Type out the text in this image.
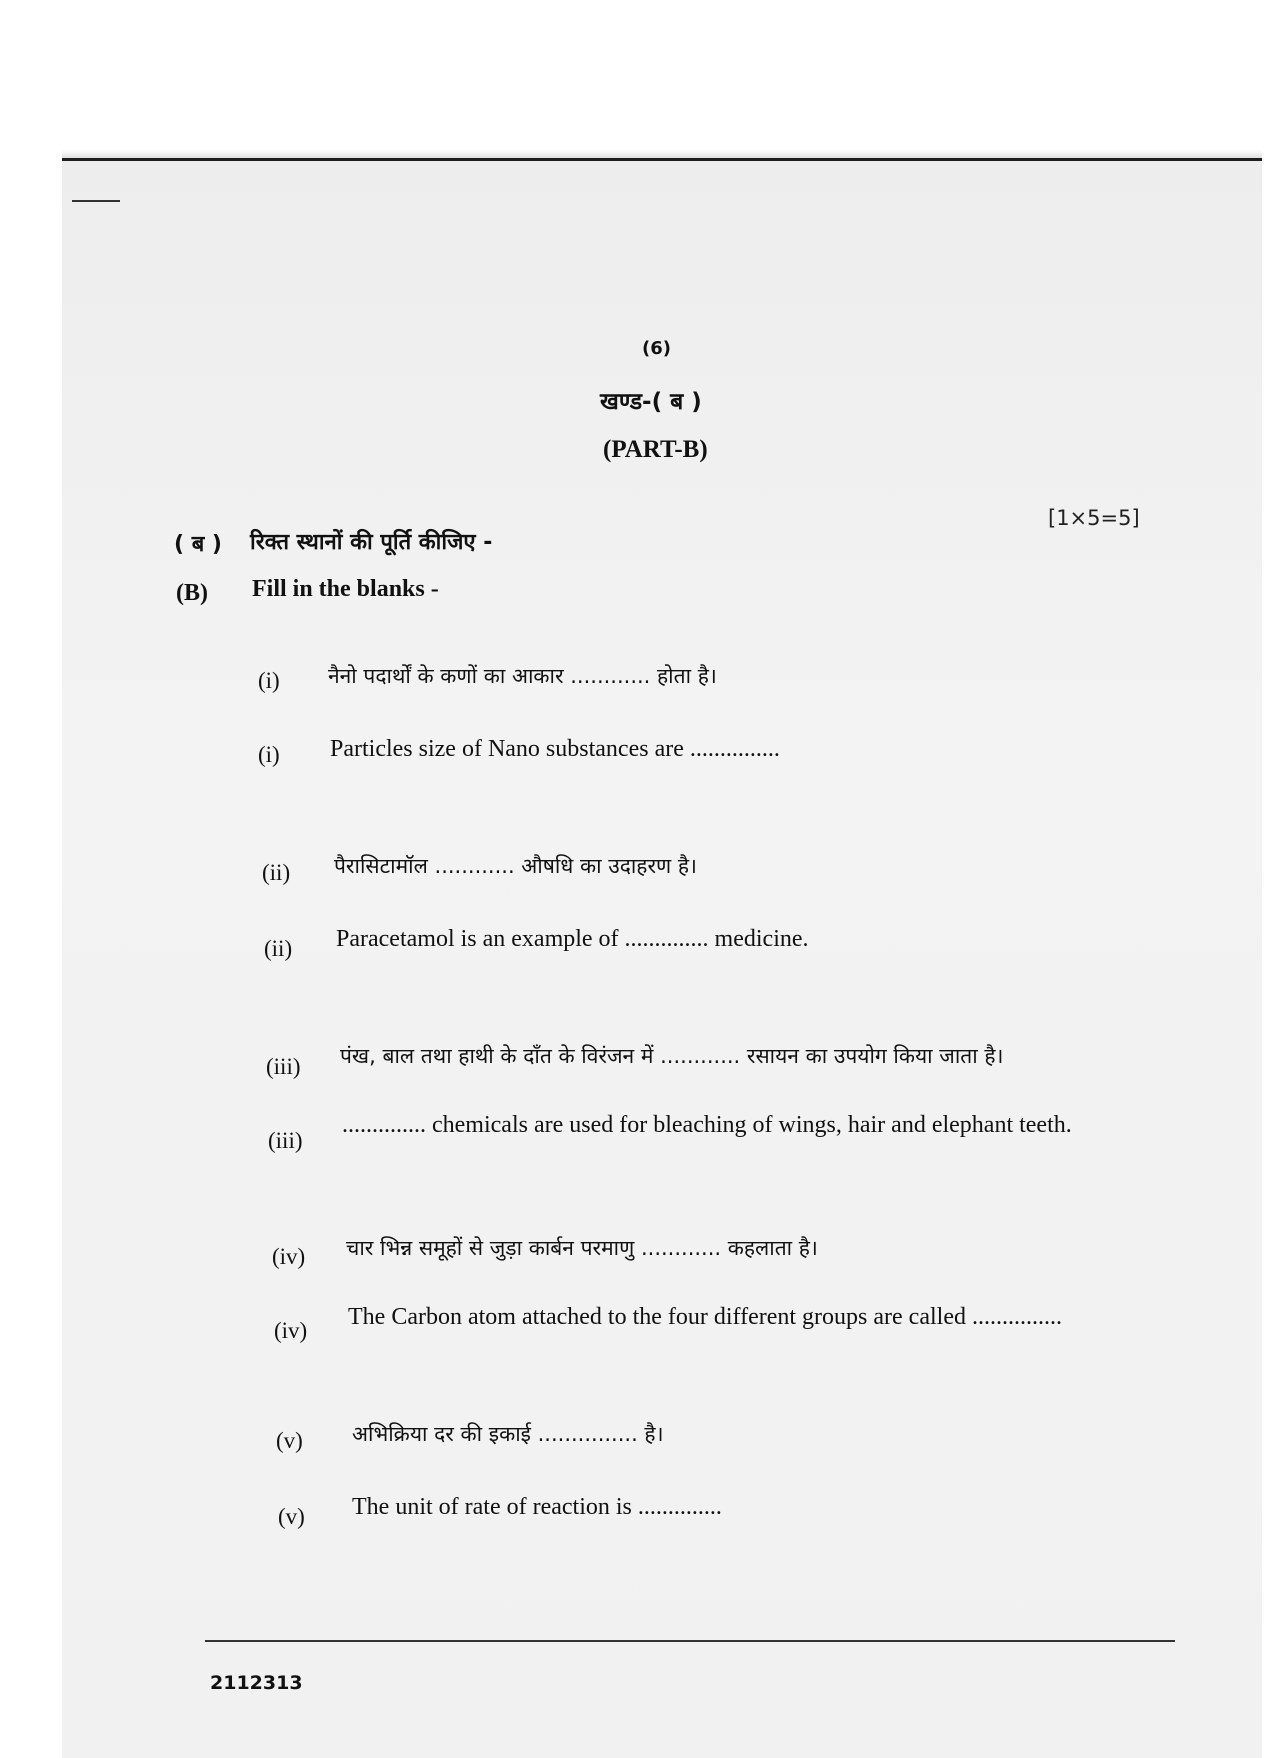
(6)
खण्ड-( ब )
(PART-B)
[1×5=5]
( ब ) रिक्त स्थानों की पूर्ति कीजिए -
(B) Fill in the blanks -
(i) नैनो पदार्थों के कणों का आकार ............ होता है।
(i) Particles size of Nano substances are ...............
(ii) पैरासिटामॉल ............ औषधि का उदाहरण है।
(ii) Paracetamol is an example of .............. medicine.
(iii) पंख, बाल तथा हाथी के दाँत के विरंजन में ............ रसायन का उपयोग किया जाता है।
(iii)
.............. chemicals are used for bleaching of wings, hair and elephant teeth.
(iv) चार भिन्न समूहों से जुड़ा कार्बन परमाणु ............ कहलाता है।
(iv)
The Carbon atom attached to the four different groups are called ...............
(v) अभिक्रिया दर की इकाई ............... है।
(v) The unit of rate of reaction is ..............
2112313
